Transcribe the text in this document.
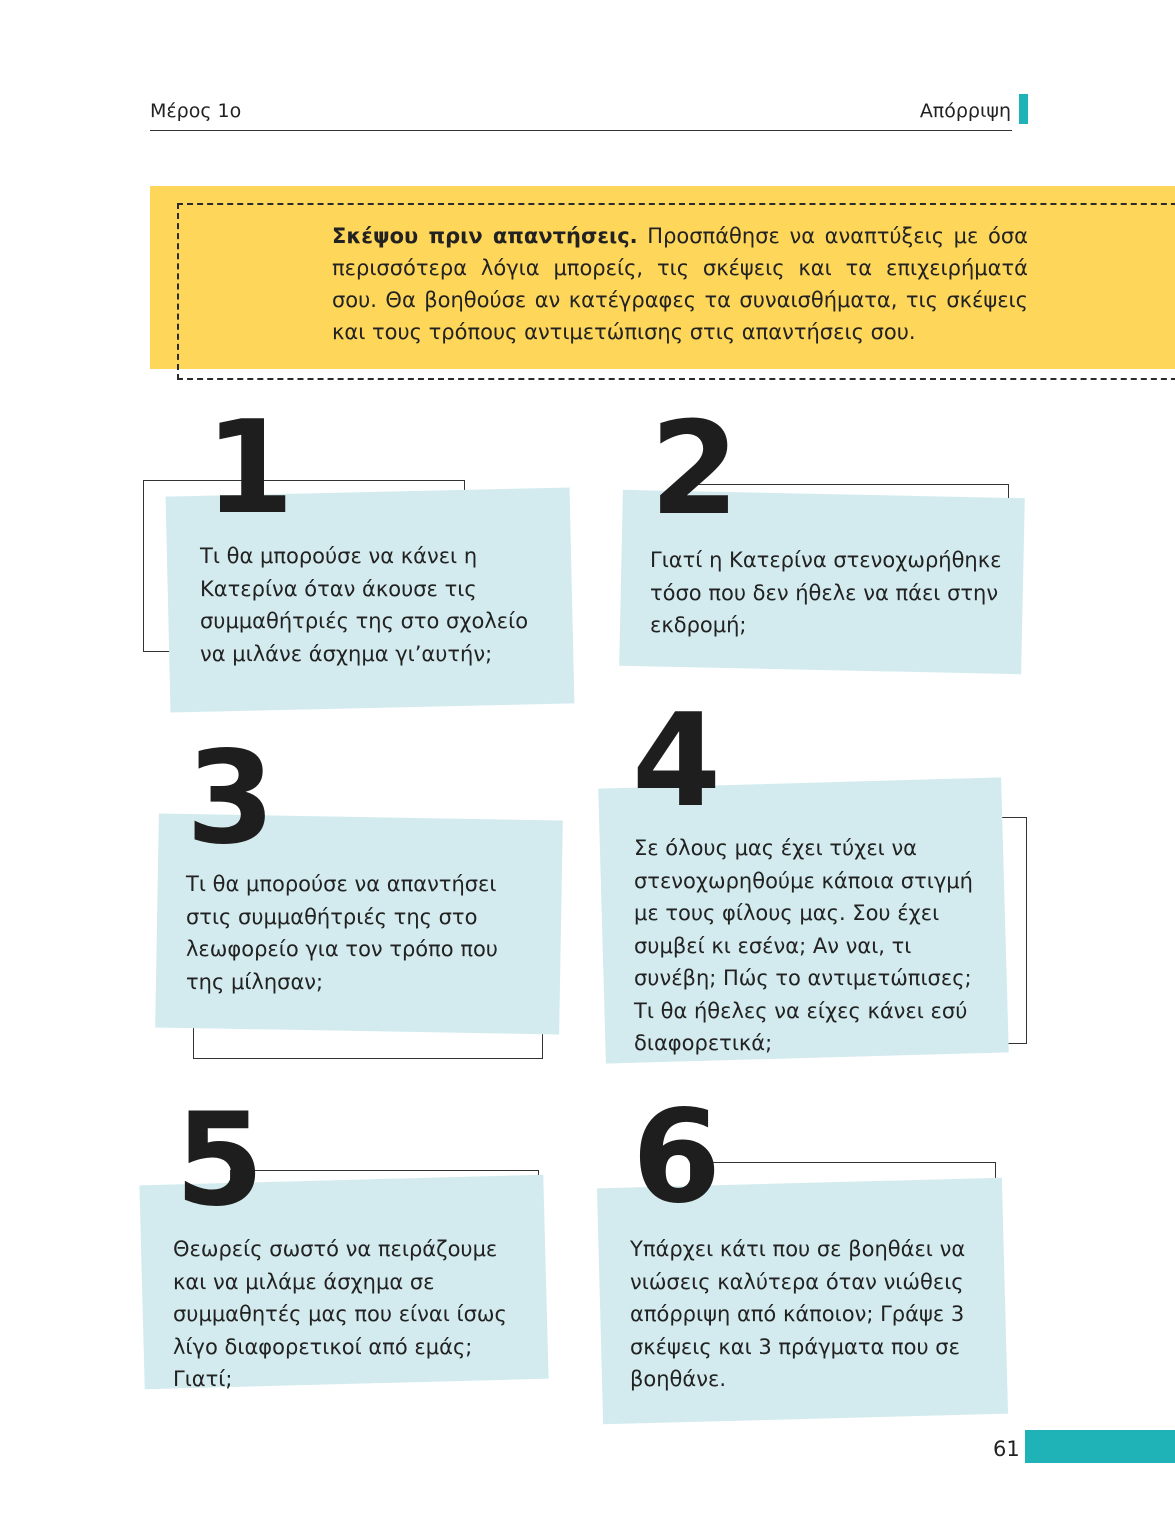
Μέρος 1ο	Απόρριψη
Σκέψου πριν απαντήσεις. Προσπάθησε να αναπτύξεις με όσα περισσότερα λόγια μπορείς, τις σκέψεις και τα επιχειρήματά σου. Θα βοηθούσε αν κατέγραφες τα συναισθήματα, τις σκέψεις και τους τρόπους αντιμετώπισης στις απαντήσεις σου.
1
Τι θα μπορούσε να κάνει η Κατερίνα όταν άκουσε τις συμμαθήτριές της στο σχολείο να μιλάνε άσχημα γι’αυτήν;
2
Γιατί η Κατερίνα στενοχωρήθηκε τόσο που δεν ήθελε να πάει στην εκδρομή;
3
Τι θα μπορούσε να απαντήσει στις συμμαθήτριές της στο λεωφορείο για τον τρόπο που της μίλησαν;
4
Σε όλους μας έχει τύχει να στενοχωρηθούμε κάποια στιγμή με τους φίλους μας. Σου έχει συμβεί κι εσένα; Αν ναι, τι συνέβη; Πώς το αντιμετώπισες; Τι θα ήθελες να είχες κάνει εσύ διαφορετικά;
5
Θεωρείς σωστό να πειράζουμε και να μιλάμε άσχημα σε συμμαθητές μας που είναι ίσως λίγο διαφορετικοί από εμάς; Γιατί;
6
Υπάρχει κάτι που σε βοηθάει να νιώσεις καλύτερα όταν νιώθεις απόρριψη από κάποιον; Γράψε 3 σκέψεις και 3 πράγματα που σε βοηθάνε.
61
